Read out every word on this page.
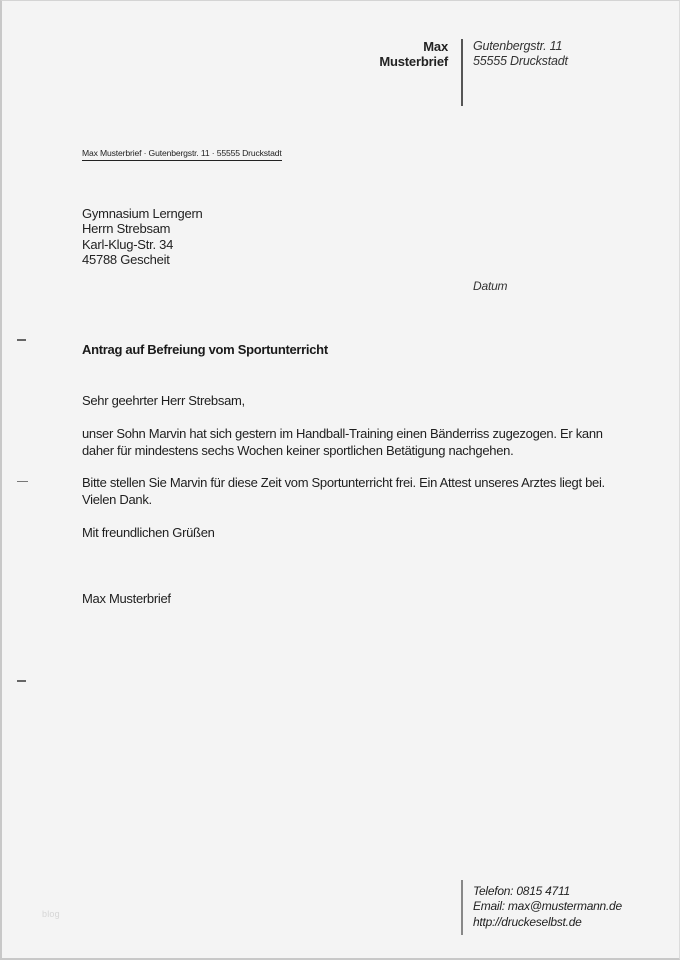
Max
Musterbrief
Gutenbergstr. 11
55555 Druckstadt
Max Musterbrief · Gutenbergstr. 11 · 55555 Druckstadt
Gymnasium Lerngern
Herrn Strebsam
Karl-Klug-Str. 34
45788 Gescheit
Datum
Antrag auf Befreiung vom Sportunterricht
Sehr geehrter Herr Strebsam,
unser Sohn Marvin hat sich gestern im Handball-Training einen Bänderriss zugezogen. Er kann daher für mindestens sechs Wochen keiner sportlichen Betätigung nachgehen.
Bitte stellen Sie Marvin für diese Zeit vom Sportunterricht frei. Ein Attest unseres Arztes liegt bei. Vielen Dank.
Mit freundlichen Grüßen
Max Musterbrief
Telefon: 0815 4711
Email: max@mustermann.de
http://druckeselbst.de
blog
